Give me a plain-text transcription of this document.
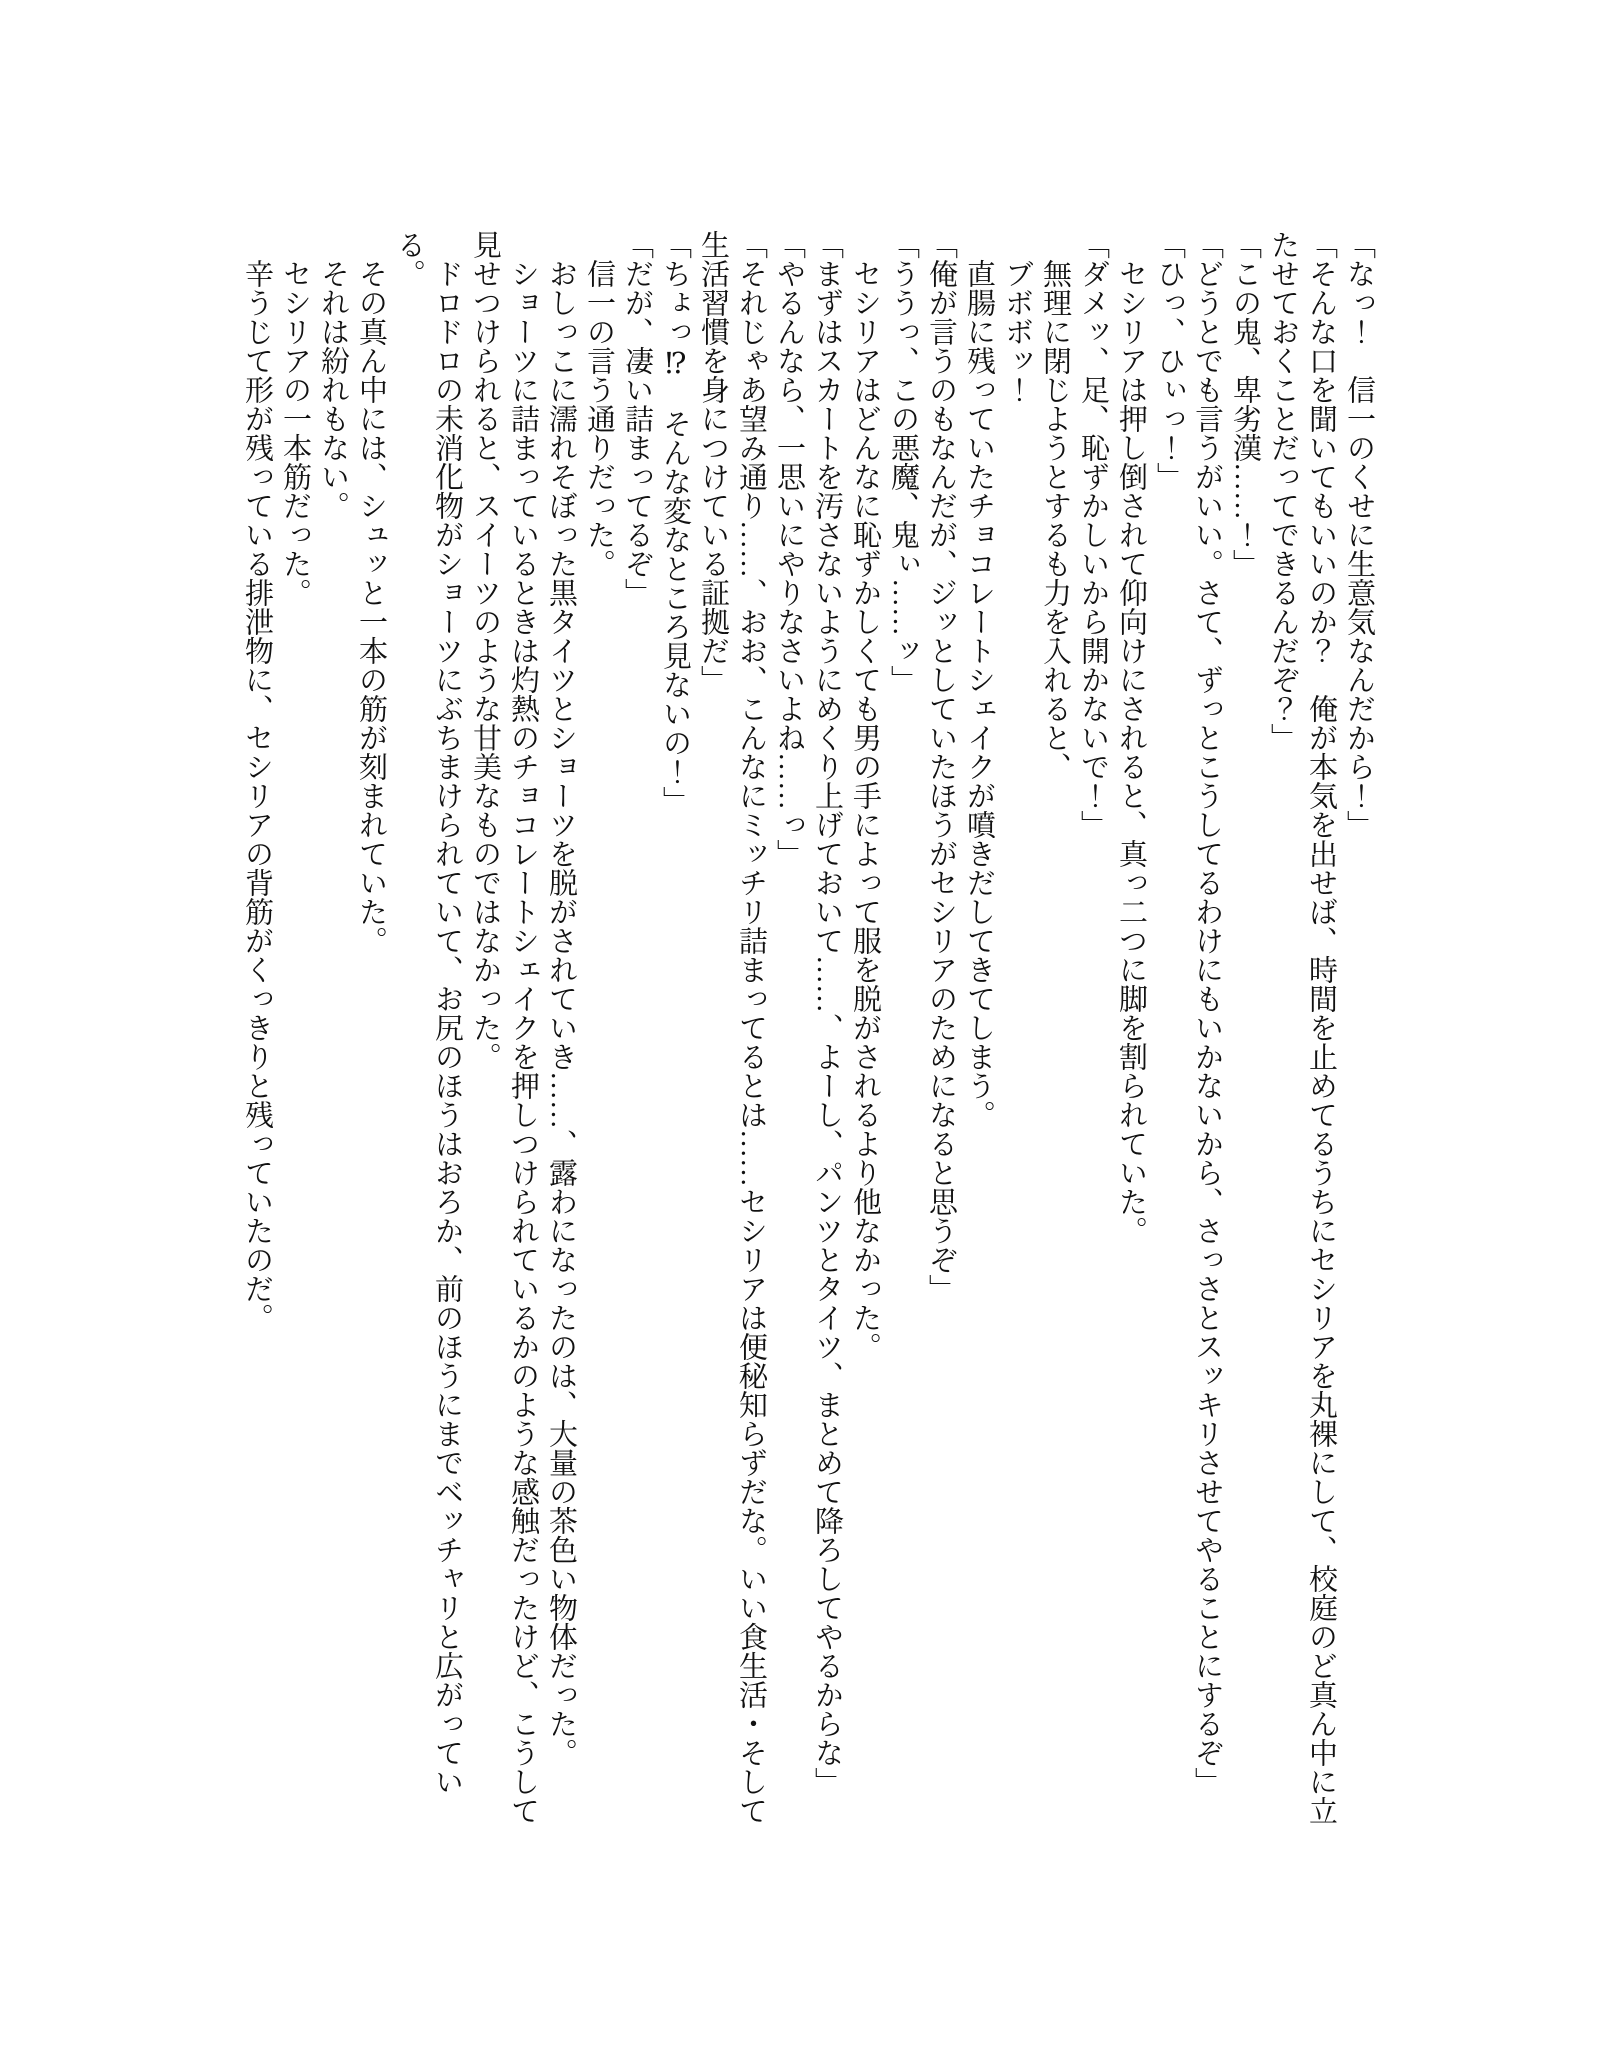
「なっ！　信一のくせに生意気なんだから！」

「そんな口を聞いてもいいのか？　俺が本気を出せば、時間を止めてるうちにセシリアを丸裸にして、校庭のど真ん中に立たせておくことだってできるんだぞ？」

「この鬼、卑劣漢……！」

「どうとでも言うがいい。さて、ずっとこうしてるわけにもいかないから、さっさとスッキリさせてやることにするぞ」

「ひっ、ひぃっ！」

セシリアは押し倒されて仰向けにされると、真っ二つに脚を割られていた。

「ダメッ、足、恥ずかしいから開かないで！」

無理に閉じようとするも力を入れると、

ブボボッ！

直腸に残っていたチョコレートシェイクが噴きだしてきてしまう。

「俺が言うのもなんだが、ジッとしていたほうがセシリアのためになると思うぞ」

「ううっ、この悪魔、鬼ぃ……ッ」

セシリアはどんなに恥ずかしくても男の手によって服を脱がされるより他なかった。

「まずはスカートを汚さないようにめくり上げておいて……、よーし、パンツとタイツ、まとめて降ろしてやるからな」

「やるんなら、一思いにやりなさいよね……っ」

「それじゃあ望み通り……、おお、こんなにミッチリ詰まってるとは……セシリアは便秘知らずだな。いい食生活・そして生活習慣を身につけている証拠だ」

「ちょっ⁉　そんな変なところ見ないの！」

「だが、凄い詰まってるぞ」

信一の言う通りだった。

おしっこに濡れそぼった黒タイツとショーツを脱がされていき……、露わになったのは、大量の茶色い物体だった。

ショーツに詰まっているときは灼熱のチョコレートシェイクを押しつけられているかのような感触だったけど、こうして見せつけられると、スイーツのような甘美なものではなかった。

ドロドロの未消化物がショーツにぶちまけられていて、お尻のほうはおろか、前のほうにまでベッチャリと広がっている。

その真ん中には、シュッと一本の筋が刻まれていた。

それは紛れもない。

セシリアの一本筋だった。

辛うじて形が残っている排泄物に、セシリアの背筋がくっきりと残っていたのだ。
